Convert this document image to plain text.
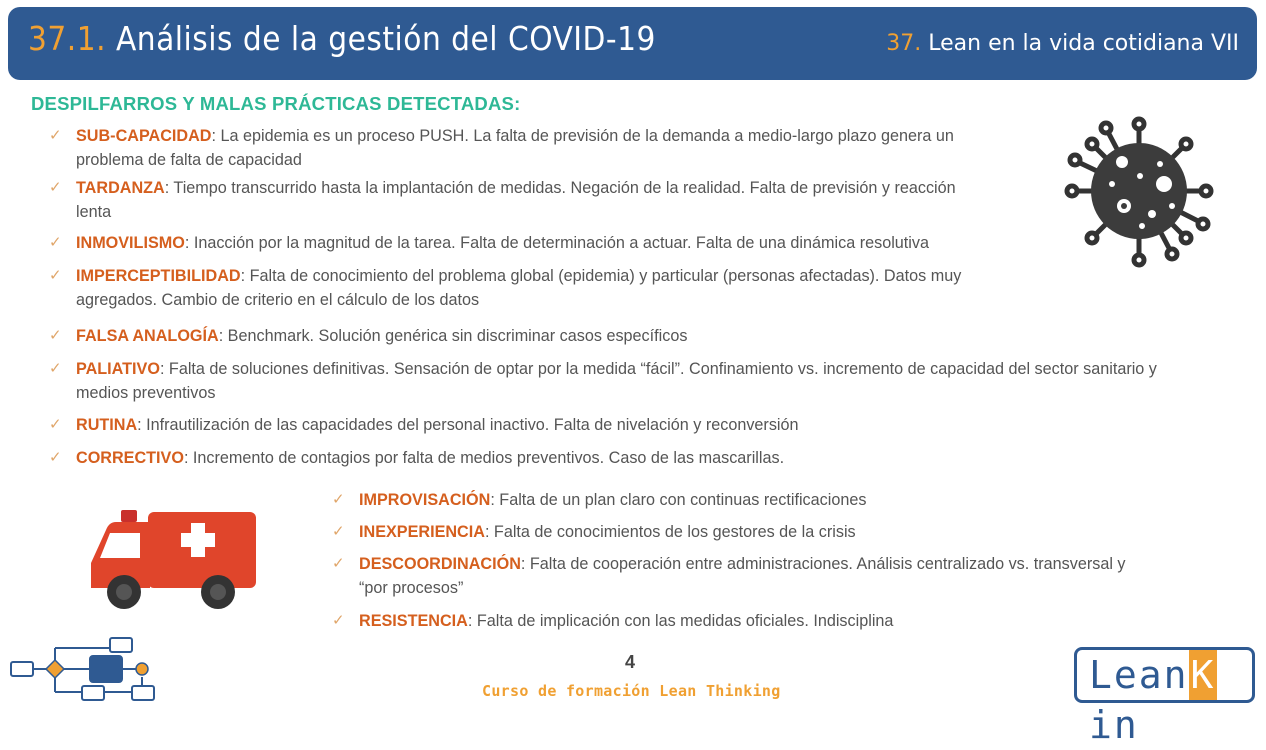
37.1. Análisis de la gestión del COVID-19	37. Lean en la vida cotidiana VII
DESPILFARROS Y MALAS PRÁCTICAS DETECTADAS:
✓ SUB-CAPACIDAD: La epidemia es un proceso PUSH. La falta de previsión de la demanda a medio-largo plazo genera un
problema de falta de capacidad
✓ TARDANZA: Tiempo transcurrido hasta la implantación de medidas. Negación de la realidad. Falta de previsión y reacción
lenta
✓ INMOVILISMO: Inacción por la magnitud de la tarea. Falta de determinación a actuar. Falta de una dinámica resolutiva
✓ IMPERCEPTIBILIDAD: Falta de conocimiento del problema global (epidemia) y particular (personas afectadas). Datos muy
agregados. Cambio de criterio en el cálculo de los datos
✓ FALSA ANALOGÍA: Benchmark. Solución genérica sin discriminar casos específicos
✓ PALIATIVO: Falta de soluciones definitivas. Sensación de optar por la medida “fácil”. Confinamiento vs. incremento de capacidad del sector sanitario y
medios preventivos
✓ RUTINA: Infrautilización de las capacidades del personal inactivo. Falta de nivelación y reconversión
✓ CORRECTIVO: Incremento de contagios por falta de medios preventivos. Caso de las mascarillas.
✓ IMPROVISACIÓN: Falta de un plan claro con continuas rectificaciones
✓ INEXPERIENCIA: Falta de conocimientos de los gestores de la crisis
✓ DESCOORDINACIÓN: Falta de cooperación entre administraciones. Análisis centralizado vs. transversal y
“por procesos”
✓ RESISTENCIA: Falta de implicación con las medidas oficiales. Indisciplina
4
Curso de formación Lean Thinking	LeanKin
